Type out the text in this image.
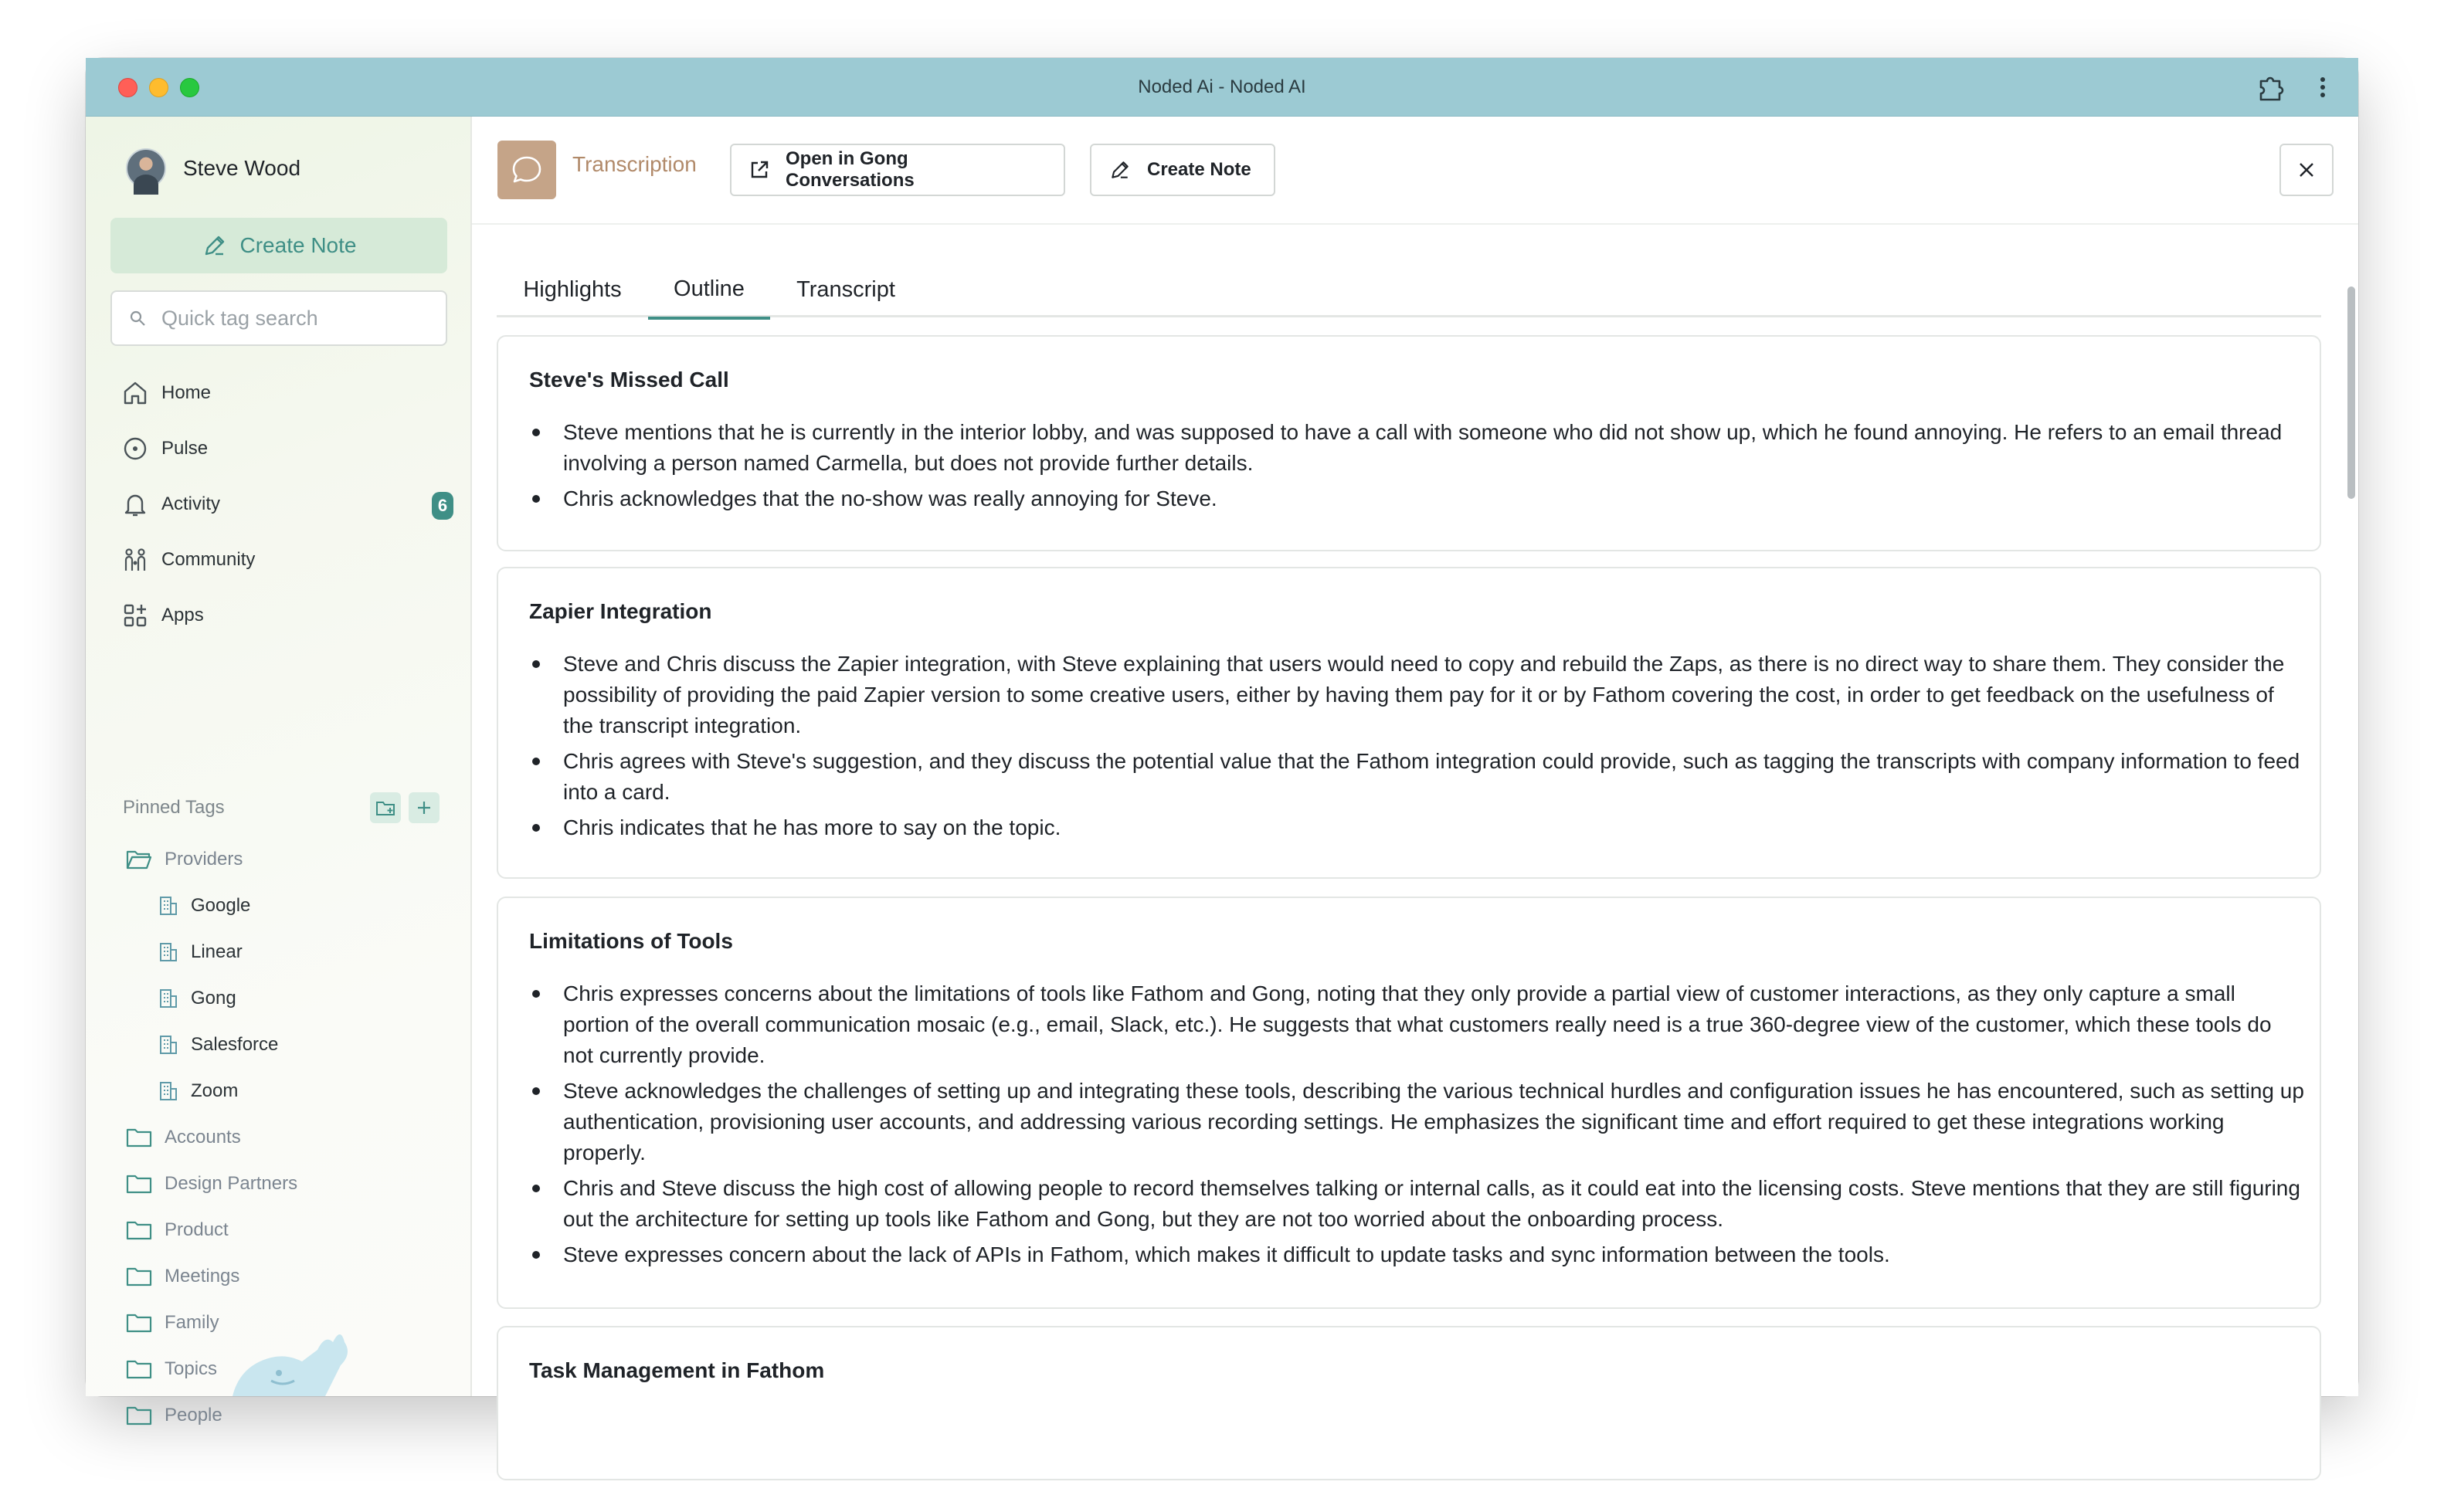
Noded Ai - Noded AI
Steve Wood
Create Note
Quick tag search
Home
Pulse
Activity	6
Community
Apps
Pinned Tags
Providers
Google
Linear
Gong
Salesforce
Zoom
Accounts
Design Partners
Product
Meetings
Family
Topics
People
Transcription	Open in Gong Conversations
Create Note
Highlights	Outline	Transcript
Steve's Missed Call
Steve mentions that he is currently in the interior lobby, and was supposed to have a call with someone who did not show up, which he found annoying. He refers to an email thread involving a person named Carmella, but does not provide further details.
Chris acknowledges that the no-show was really annoying for Steve.
Zapier Integration
Steve and Chris discuss the Zapier integration, with Steve explaining that users would need to copy and rebuild the Zaps, as there is no direct way to share them. They consider the possibility of providing the paid Zapier version to some creative users, either by having them pay for it or by Fathom covering the cost, in order to get feedback on the usefulness of the transcript integration.
Chris agrees with Steve's suggestion, and they discuss the potential value that the Fathom integration could provide, such as tagging the transcripts with company information to feed into a card.
Chris indicates that he has more to say on the topic.
Limitations of Tools
Chris expresses concerns about the limitations of tools like Fathom and Gong, noting that they only provide a partial view of customer interactions, as they only capture a small portion of the overall communication mosaic (e.g., email, Slack, etc.). He suggests that what customers really need is a true 360-degree view of the customer, which these tools do not currently provide.
Steve acknowledges the challenges of setting up and integrating these tools, describing the various technical hurdles and configuration issues he has encountered, such as setting up authentication, provisioning user accounts, and addressing various recording settings. He emphasizes the significant time and effort required to get these integrations working properly.
Chris and Steve discuss the high cost of allowing people to record themselves talking or internal calls, as it could eat into the licensing costs. Steve mentions that they are still figuring out the architecture for setting up tools like Fathom and Gong, but they are not too worried about the onboarding process.
Steve expresses concern about the lack of APIs in Fathom, which makes it difficult to update tasks and sync information between the tools.
Task Management in Fathom
